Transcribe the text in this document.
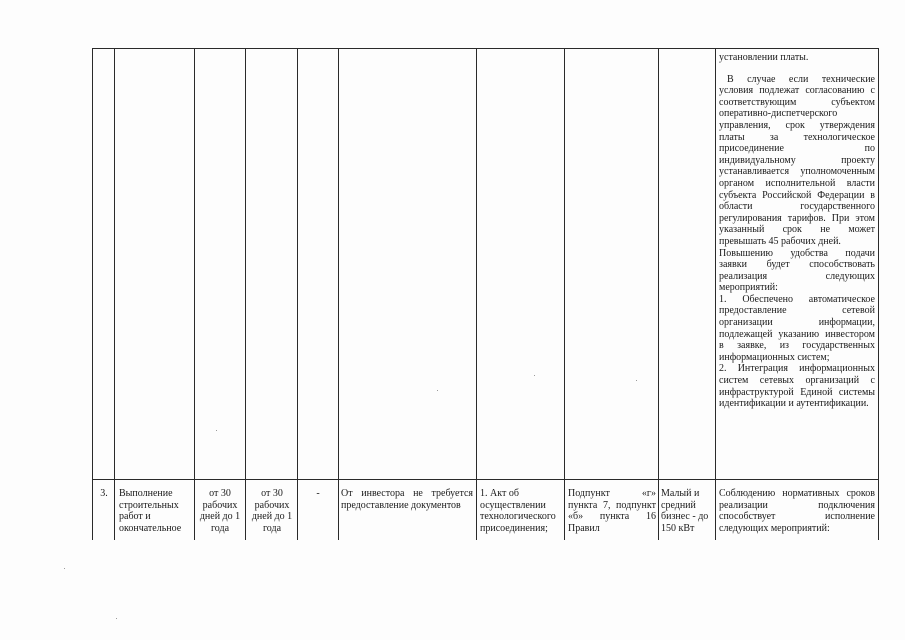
установлении платы.

В случае если технические условия подлежат согласованию с соответствующим субъектом оперативно-диспетчерского управления, срок утверждения платы за технологическое присоединение по индивидуальному проекту устанавливается уполномоченным органом исполнительной власти субъекта Российской Федерации в области государственного регулирования тарифов. При этом указанный срок не может превышать 45 рабочих дней.

Повышению удобства подачи заявки будет способствовать реализация следующих мероприятий:

1. Обеспечено автоматическое предоставление сетевой организации информации, подлежащей указанию инвестором в заявке, из государственных информационных систем;

2. Интеграция информационных систем сетевых организаций с инфраструктурой Единой системы идентификации и аутентификации.

3.	Выполнение строительных работ и окончательное
от 30 рабочих дней до 1 года
от 30 рабочих дней до 1 года
-	От инвестора не требуется предоставление документов
1. Акт об осуществлении технологического присоединения;
Подпункт «г» пункта 7, подпункт «б» пункта 16 Правил
Малый и средний бизнес - до 150 кВт
Соблюдению нормативных сроков реализации подключения способствует исполнение следующих мероприятий:
